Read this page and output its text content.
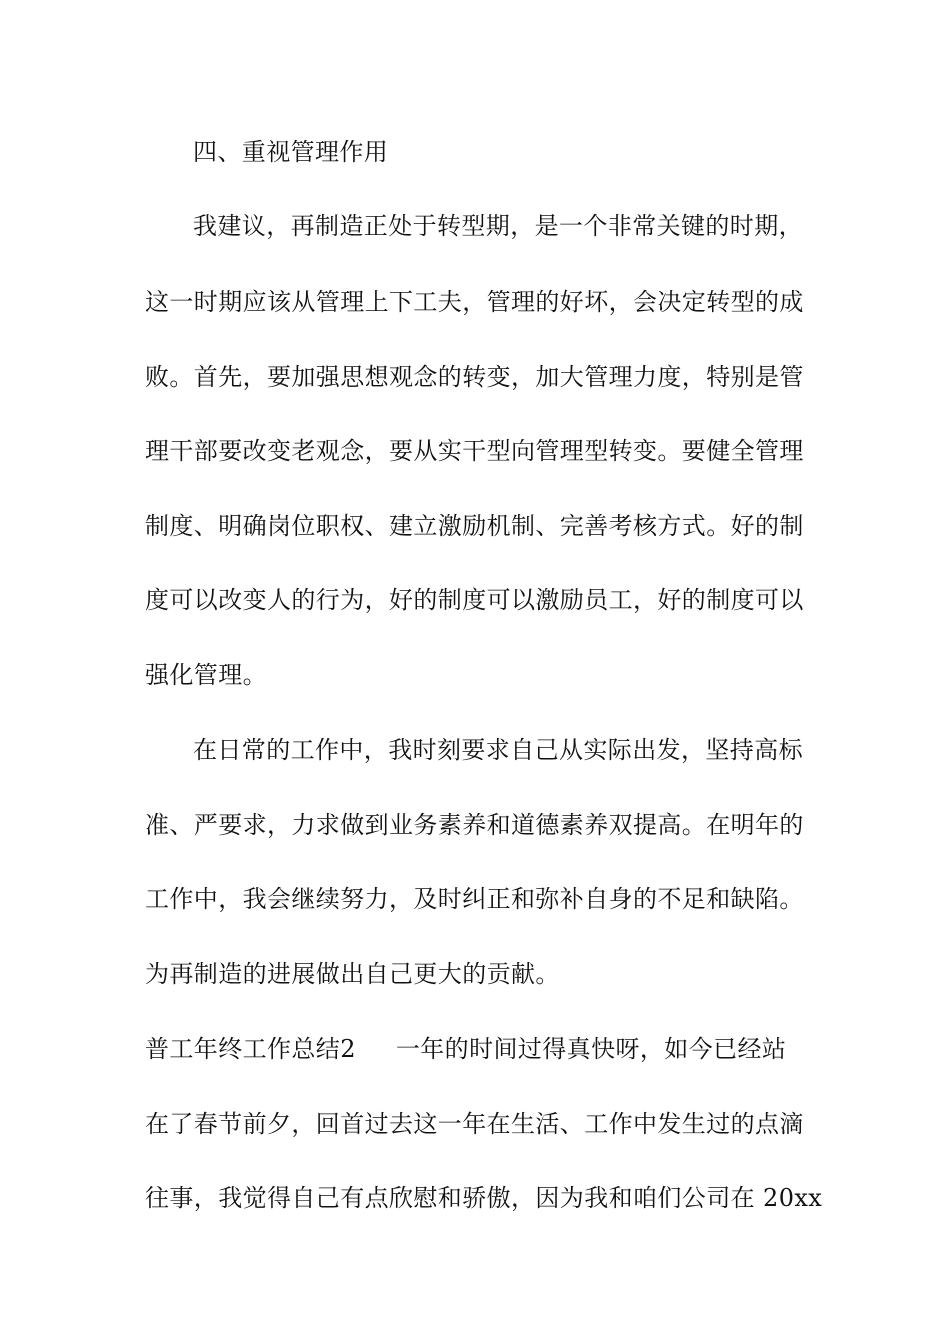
四、重视管理作用
我建议，再制造正处于转型期，是一个非常关键的时期，
这一时期应该从管理上下工夫，管理的好坏，会决定转型的成
败。首先，要加强思想观念的转变，加大管理力度，特别是管
理干部要改变老观念，要从实干型向管理型转变。要健全管理
制度、明确岗位职权、建立激励机制、完善考核方式。好的制
度可以改变人的行为，好的制度可以激励员工，好的制度可以
强化管理。
在日常的工作中，我时刻要求自己从实际出发，坚持高标
准、严要求，力求做到业务素养和道德素养双提高。在明年的
工作中，我会继续努力，及时纠正和弥补自身的不足和缺陷。
为再制造的进展做出自己更大的贡献。
普工年终工作总结2 一年的时间过得真快呀，如今已经站
在了春节前夕，回首过去这一年在生活、工作中发生过的点滴
往事，我觉得自己有点欣慰和骄傲，因为我和咱们公司在 20xx
